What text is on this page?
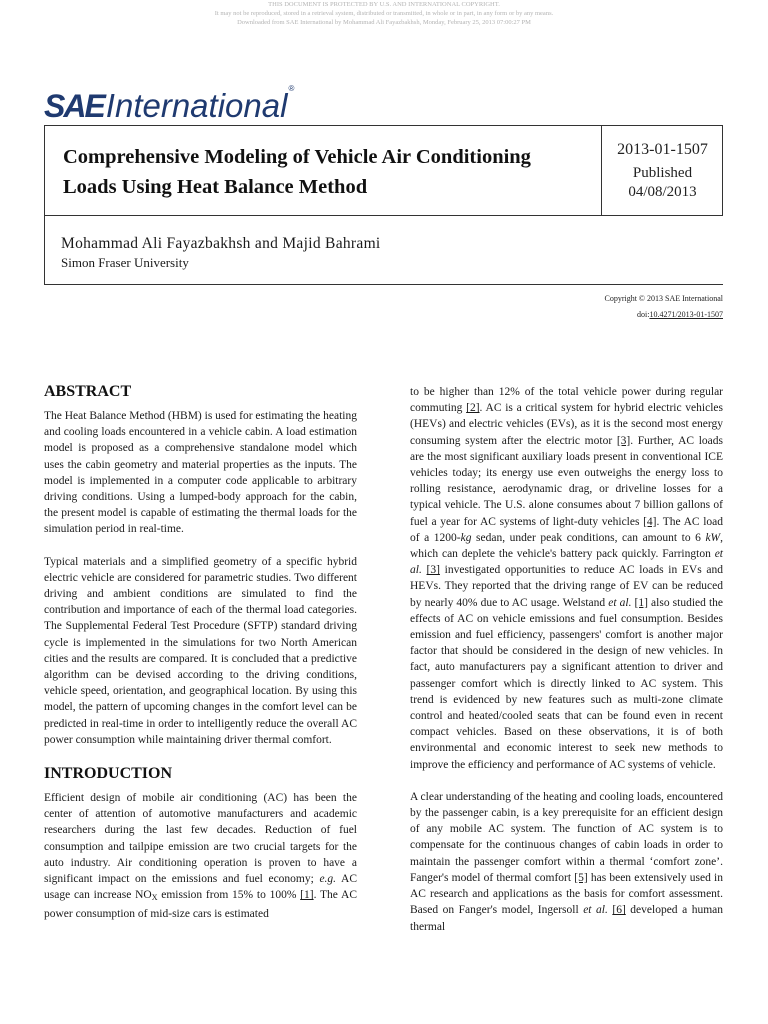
THIS DOCUMENT IS PROTECTED BY U.S. AND INTERNATIONAL COPYRIGHT.
It may not be reproduced, stored in a retrieval system, distributed or transmitted, in whole or in part, in any form or by any means.
Downloaded from SAE International by Mohammad Ali Fayazbakhsh, Monday, February 25, 2013 07:00:27 PM
SAE International ®
Comprehensive Modeling of Vehicle Air Conditioning Loads Using Heat Balance Method
2013-01-1507
Published
04/08/2013
Mohammad Ali Fayazbakhsh and Majid Bahrami
Simon Fraser University
Copyright © 2013 SAE International
doi:10.4271/2013-01-1507
ABSTRACT

The Heat Balance Method (HBM) is used for estimating the heating and cooling loads encountered in a vehicle cabin. A load estimation model is proposed as a comprehensive standalone model which uses the cabin geometry and material properties as the inputs. The model is implemented in a computer code applicable to arbitrary driving conditions. Using a lumped-body approach for the cabin, the present model is capable of estimating the thermal loads for the simulation period in real-time.

Typical materials and a simplified geometry of a specific hybrid electric vehicle are considered for parametric studies. Two different driving and ambient conditions are simulated to find the contribution and importance of each of the thermal load categories. The Supplemental Federal Test Procedure (SFTP) standard driving cycle is implemented in the simulations for two North American cities and the results are compared. It is concluded that a predictive algorithm can be devised according to the driving conditions, vehicle speed, orientation, and geographical location. By using this model, the pattern of upcoming changes in the comfort level can be predicted in real-time in order to intelligently reduce the overall AC power consumption while maintaining driver thermal comfort.

INTRODUCTION

Efficient design of mobile air conditioning (AC) has been the center of attention of automotive manufacturers and academic researchers during the last few decades. Reduction of fuel consumption and tailpipe emission are two crucial targets for the auto industry. Air conditioning operation is proven to have a significant impact on the emissions and fuel economy; e.g. AC usage can increase $NO_X$ emission from 15% to 100% [1]. The AC power consumption of mid-size cars is estimated

to be higher than 12% of the total vehicle power during regular commuting [2]. AC is a critical system for hybrid electric vehicles (HEVs) and electric vehicles (EVs), as it is the second most energy consuming system after the electric motor [3]. Further, AC loads are the most significant auxiliary loads present in conventional ICE vehicles today; its energy use even outweighs the energy loss to rolling resistance, aerodynamic drag, or driveline losses for a typical vehicle. The U.S. alone consumes about 7 billion gallons of fuel a year for AC systems of light-duty vehicles [4]. The AC load of a 1200-kg sedan, under peak conditions, can amount to 6 kW, which can deplete the vehicle's battery pack quickly. Farrington et al. [3] investigated opportunities to reduce AC loads in EVs and HEVs. They reported that the driving range of EV can be reduced by nearly 40% due to AC usage. Welstand et al. [1] also studied the effects of AC on vehicle emissions and fuel consumption. Besides emission and fuel efficiency, passengers' comfort is another major factor that should be considered in the design of new vehicles. In fact, auto manufacturers pay a significant attention to driver and passenger comfort which is directly linked to AC system. This trend is evidenced by new features such as multi-zone climate control and heated/cooled seats that can be found even in recent compact vehicles. Based on these observations, it is of both environmental and economic interest to seek new methods to improve the efficiency and performance of AC systems of vehicle.

A clear understanding of the heating and cooling loads, encountered by the passenger cabin, is a key prerequisite for an efficient design of any mobile AC system. The function of AC system is to compensate for the continuous changes of cabin loads in order to maintain the passenger comfort within a thermal ‘comfort zone’. Fanger's model of thermal comfort [5] has been extensively used in AC research and applications as the basis for comfort assessment. Based on Fanger's model, Ingersoll et al. [6] developed a human thermal
